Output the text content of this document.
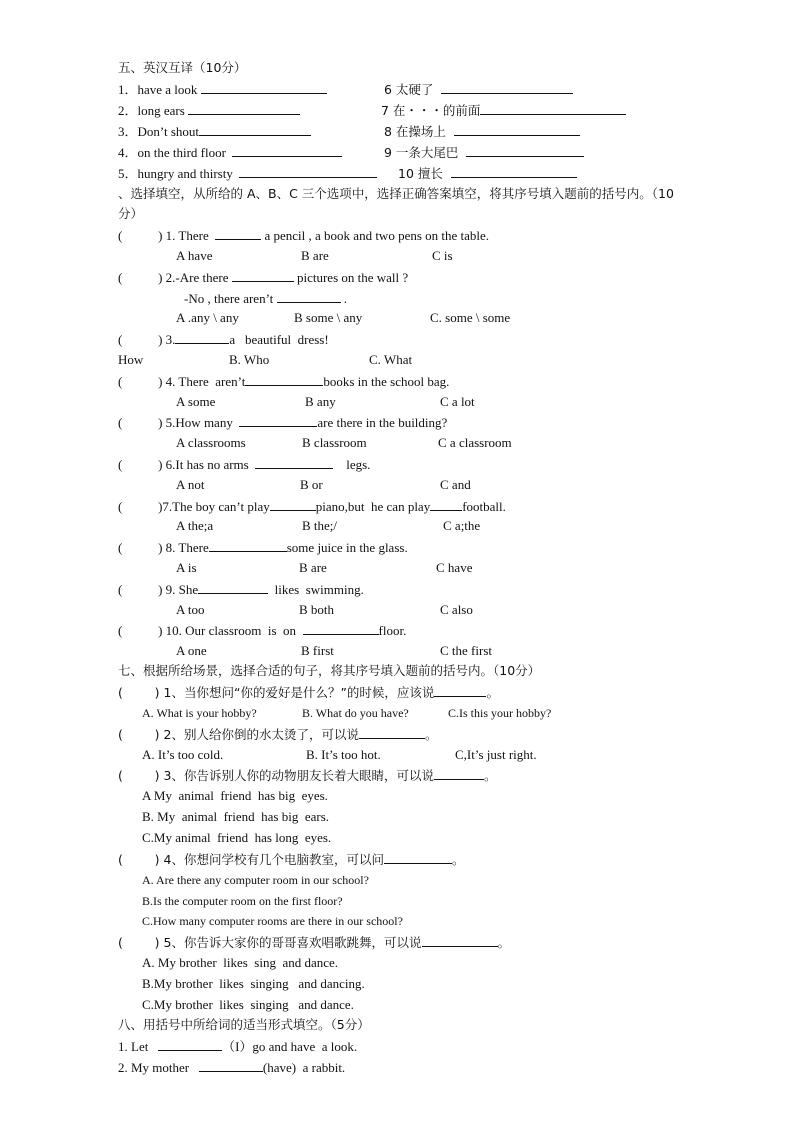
五、英汉互译（10分）
1．have a look	6 太硬了
2．long ears	7 在・・・的前面
3．Don’t shout	8 在操场上
4．on the third floor	9 一条大尾巴
5．hungry and thirsty	10 擅长
、选择填空，从所给的 A、B、C 三个选项中，选择正确答案填空，将其序号填入题前的括号内。（10
分）
(           ) 1. There	a pencil , a book and two pens on the table.
A have	B are	C is
(           ) 2.-Are there	pictures on the wall ?
-No , there aren’t	.
A .any \ any	B some \ any	C. some \ some
(           ) 3.	a   beautiful  dress!
How	B. Who	C. What
(           ) 4. There  aren’t	books in the school bag.
A some	B any	C a lot
(           ) 5.How many	are there in the building?
A classrooms	B classroom	C a classroom
(           ) 6.It has no arms	legs.
A not	B or	C and
(           )7.The boy can’t play	piano,but  he can play football.
A the;a	B the;/	C a;the
(           ) 8. There	some juice in the glass.
A is	B are	C have
(           ) 9. She	likes  swimming.
A too	B both	C also
(           ) 10. Our classroom  is  on	floor.
A one	B first	C the first
七、根据所给场景，选择合适的句子，将其序号填入题前的括号内。（10分）
(        ) 1、当你想问“你的爱好是什么？”的时候，应该说	。
A. What is your hobby?	B. What do you have?	C.Is this your hobby?
(        ) 2、别人给你倒的水太烫了，可以说	。
A. It’s too cold.	B. It’s too hot.	C,It’s just right.
(        ) 3、你告诉别人你的动物朋友长着大眼睛，可以说	。
A My  animal  friend  has big  eyes.
B. My  animal  friend  has big  ears.
C.My animal  friend  has long  eyes.
(        ) 4、你想问学校有几个电脑教室，可以问	。
A. Are there any computer room in our school?
B.Is the computer room on the first floor?
C.How many computer rooms are there in our school?
(        ) 5、你告诉大家你的哥哥喜欢唱歌跳舞，可以说	。
A. My brother  likes  sing  and dance.
B.My brother  likes  singing   and dancing.
C.My brother  likes  singing   and dance.
八、用括号中所给词的适当形式填空。（5分）
1. Let	（I）go and have  a look.
2. My mother	(have)  a rabbit.
